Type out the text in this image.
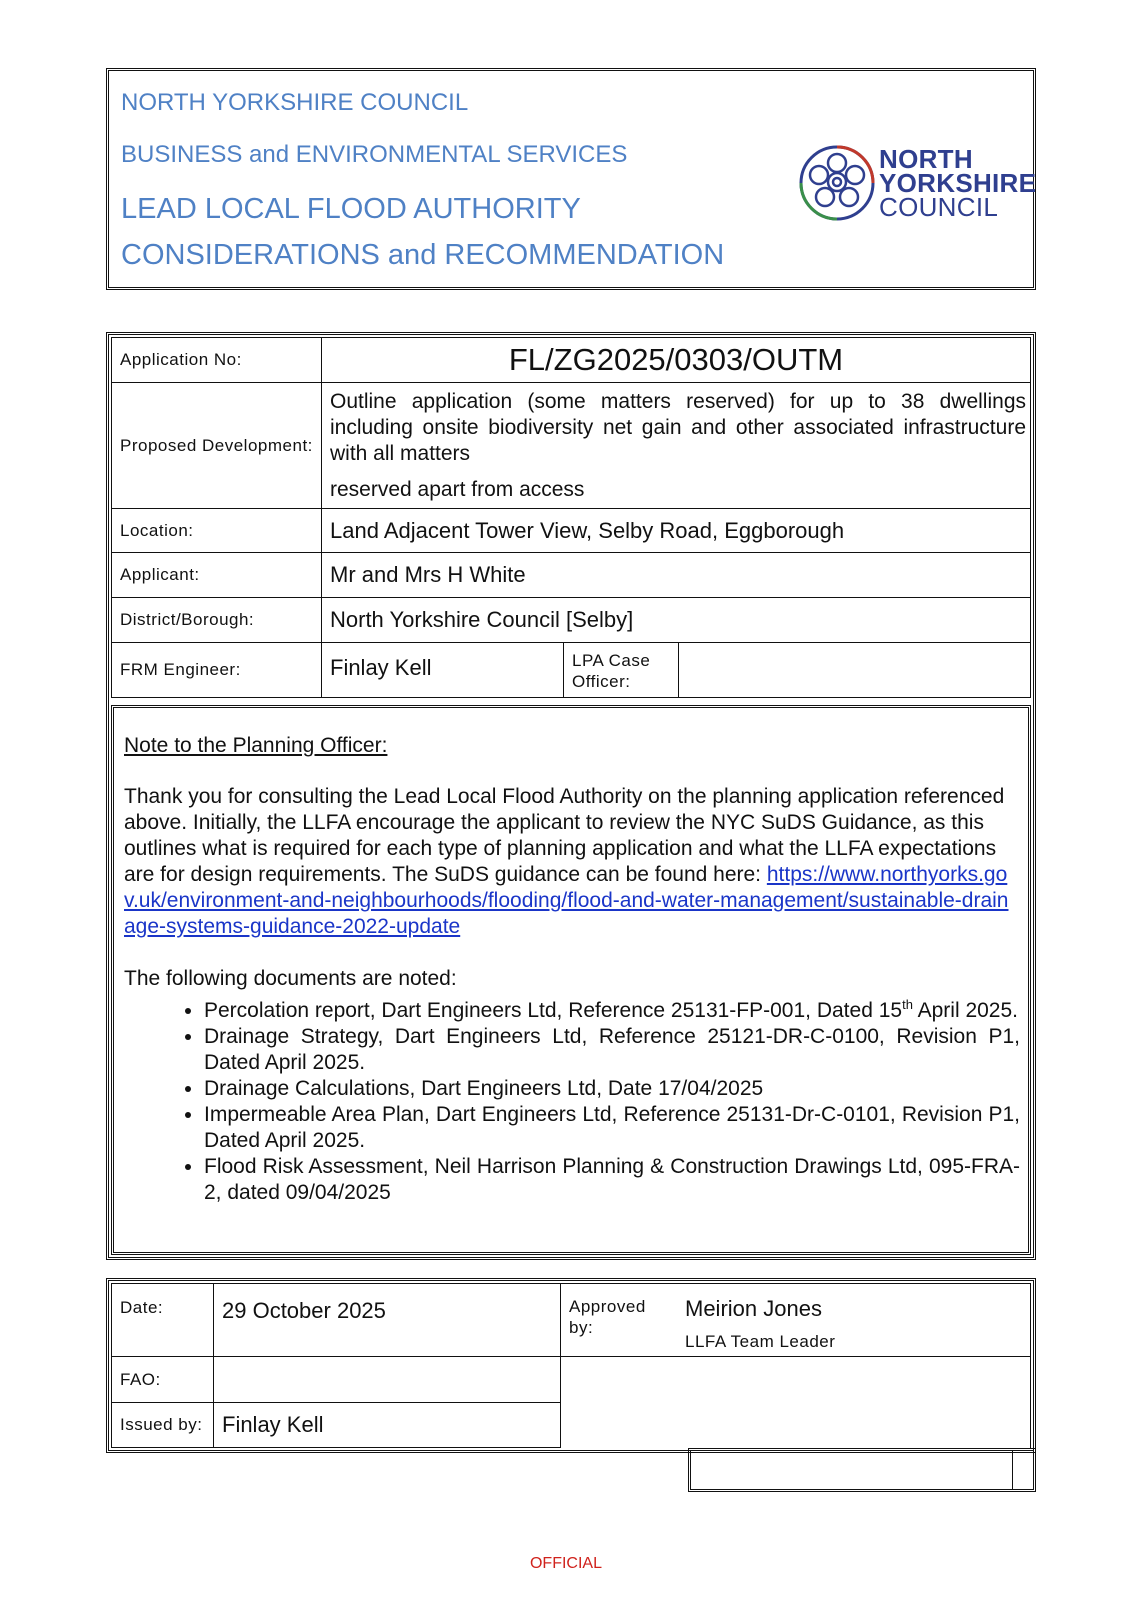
NORTH YORKSHIRE COUNCIL
BUSINESS and ENVIRONMENTAL SERVICES
LEAD LOCAL FLOOD AUTHORITY
CONSIDERATIONS and RECOMMENDATION
NORTH
YORKSHIRE
COUNCIL
Application No:	FL/ZG2025/0303/OUTM		
Proposed Development:	Outline application (some matters reserved) for up to 38 dwellings including onsite biodiversity net gain and other associated infrastructure with all matters
reserved apart from access		

Location:	Land Adjacent Tower View, Selby Road, Eggborough		
Applicant:	Mr and Mrs H White		
District/Borough:	North Yorkshire Council [Selby]		
FRM Engineer:	Finlay Kell	LPA Case Officer:	
Note to the Planning Officer:

Thank you for consulting the Lead Local Flood Authority on the planning application referenced above. Initially, the LLFA encourage the applicant to review the NYC SuDS Guidance, as this outlines what is required for each type of planning application and what the LLFA expectations are for design requirements. The SuDS guidance can be found here: https://www.northyorks.gov.uk/environment-and-neighbourhoods/flooding/flood-and-water-management/sustainable-drainage-systems-guidance-2022-update

The following documents are noted:

• Percolation report, Dart Engineers Ltd, Reference 25131-FP-001, Dated 15th April 2025.
• Drainage Strategy, Dart Engineers Ltd, Reference 25121-DR-C-0100, Revision P1, Dated April 2025.
• Drainage Calculations, Dart Engineers Ltd, Date 17/04/2025
• Impermeable Area Plan, Dart Engineers Ltd, Reference 25131-Dr-C-0101, Revision P1, Dated April 2025.
• Flood Risk Assessment, Neil Harrison Planning & Construction Drawings Ltd, 095-FRA-2, dated 09/04/2025
Date:	29 October 2025	Approved by:	Meirion Jones
LLFA Team Leader

FAO:			
Issued by:	Finlay Kell		
OFFICIAL
